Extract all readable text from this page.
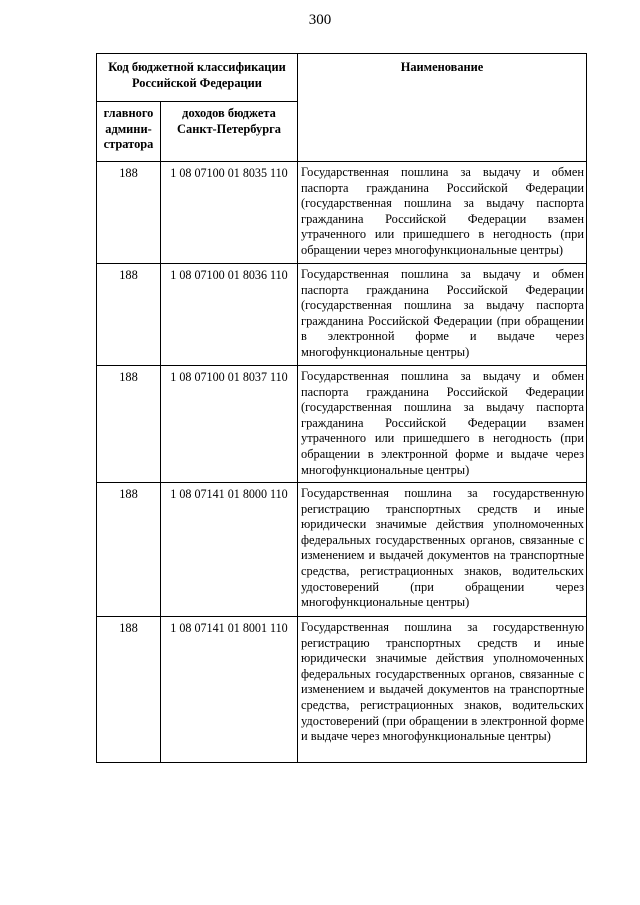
300
Код бюджетной классификации Российской Федерации		Наименование
главного админи-стратора	доходов бюджета Санкт-Петербурга	
188	1 08 07100 01 8035 110	Государственная пошлина за выдачу и обмен паспорта гражданина Российской Федерации (государственная пошлина за выдачу паспорта гражданина Российской Федерации взамен утраченного или пришедшего в негодность (при обращении через многофункциональные центры)
188	1 08 07100 01 8036 110	Государственная пошлина за выдачу и обмен паспорта гражданина Российской Федерации (государственная пошлина за выдачу паспорта гражданина Российской Федерации (при обращении в электронной форме и выдаче через многофункциональные центры)
188	1 08 07100 01 8037 110	Государственная пошлина за выдачу и обмен паспорта гражданина Российской Федерации (государственная пошлина за выдачу паспорта гражданина Российской Федерации взамен утраченного или пришедшего в негодность (при обращении в электронной форме и выдаче через многофункциональные центры)
188	1 08 07141 01 8000 110	Государственная пошлина за государственную регистрацию транспортных средств и иные юридически значимые действия уполномоченных федеральных государственных органов, связанные с изменением и выдачей документов на транспортные средства, регистрационных знаков, водительских удостоверений (при обращении через многофункциональные центры)
188	1 08 07141 01 8001 110	Государственная пошлина за государственную регистрацию транспортных средств и иные юридически значимые действия уполномоченных федеральных государственных органов, связанные с изменением и выдачей документов на транспортные средства, регистрационных знаков, водительских удостоверений (при обращении в электронной форме и выдаче через многофункциональные центры)
